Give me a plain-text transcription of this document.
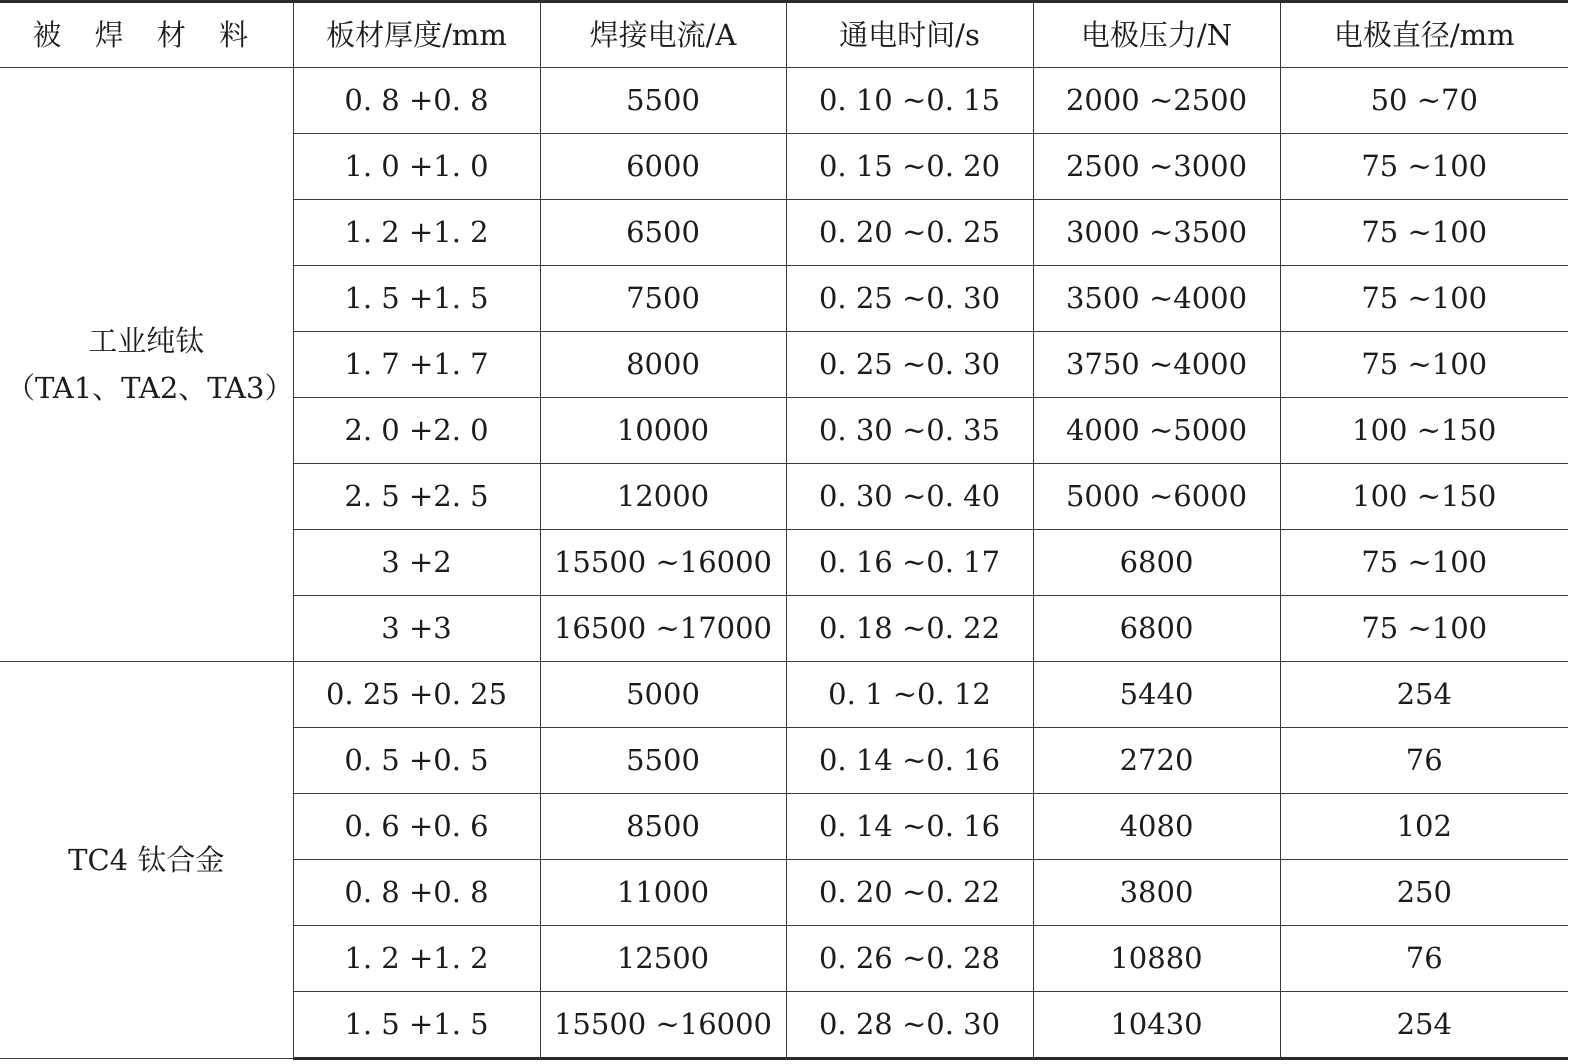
被 焊 材 料	板材厚度/mm	焊接电流/A	通电时间/s	电极压力/N	电极直径/mm

工业纯钛
（TA1、TA2、TA3）	0. 8 +0. 8	5500	0. 10 ~0. 15	2000 ~2500	50 ~70
	1. 0 +1. 0	6000	0. 15 ~0. 20	2500 ~3000	75 ~100
	1. 2 +1. 2	6500	0. 20 ~0. 25	3000 ~3500	75 ~100
	1. 5 +1. 5	7500	0. 25 ~0. 30	3500 ~4000	75 ~100
	1. 7 +1. 7	8000	0. 25 ~0. 30	3750 ~4000	75 ~100
	2. 0 +2. 0	10000	0. 30 ~0. 35	4000 ~5000	100 ~150
	2. 5 +2. 5	12000	0. 30 ~0. 40	5000 ~6000	100 ~150
	3 +2	15500 ~16000	0. 16 ~0. 17	6800	75 ~100
	3 +3	16500 ~17000	0. 18 ~0. 22	6800	75 ~100

TC4 钛合金	0. 25 +0. 25	5000	0. 1 ~0. 12	5440	254
	0. 5 +0. 5	5500	0. 14 ~0. 16	2720	76
	0. 6 +0. 6	8500	0. 14 ~0. 16	4080	102
	0. 8 +0. 8	11000	0. 20 ~0. 22	3800	250
	1. 2 +1. 2	12500	0. 26 ~0. 28	10880	76
	1. 5 +1. 5	15500 ~16000	0. 28 ~0. 30	10430	254
